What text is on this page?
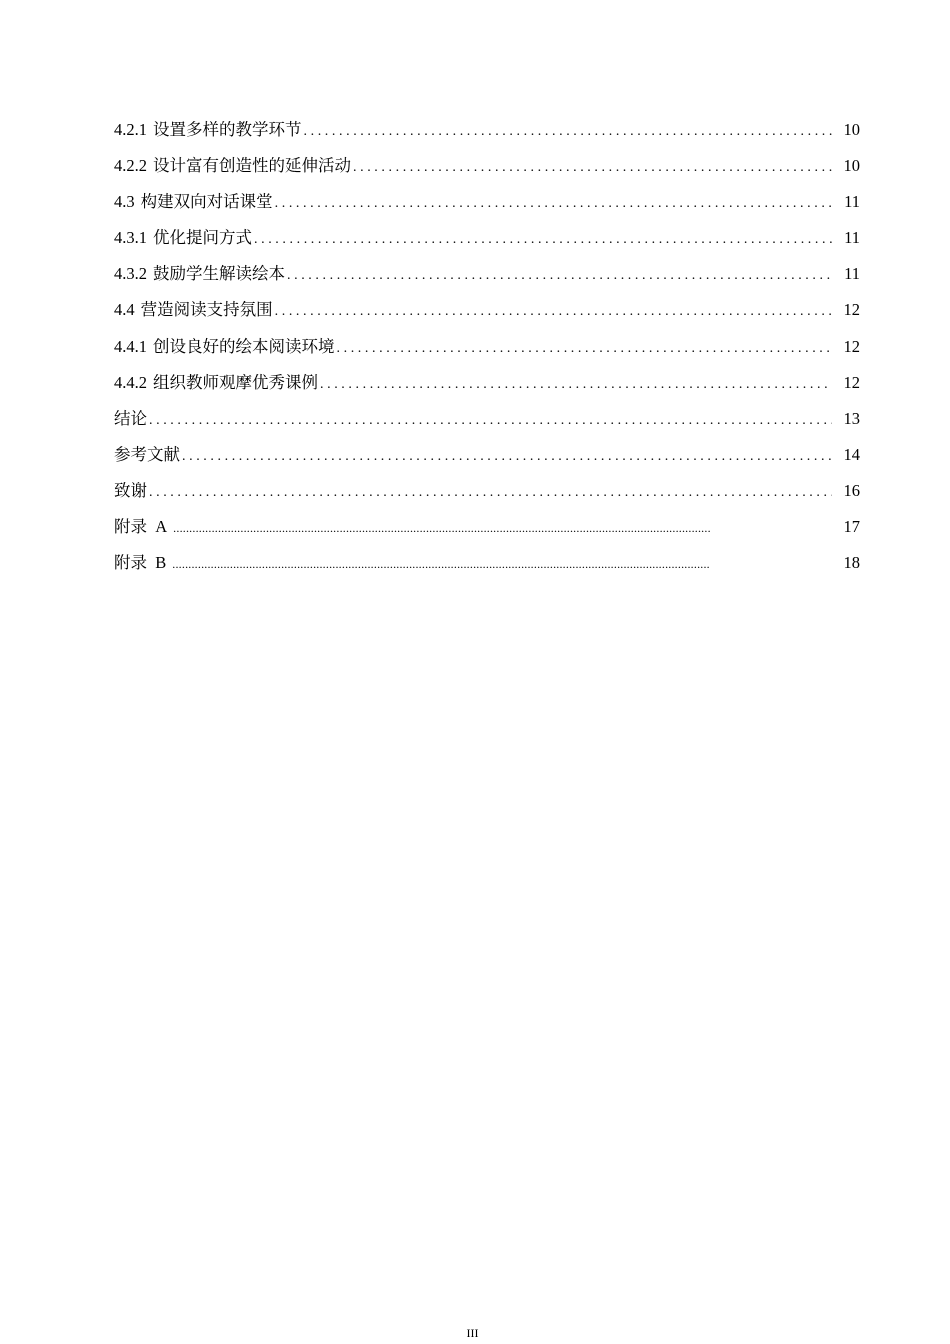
4.2.1 设置多样的教学环节 .....	10
4.2.2 设计富有创造性的延伸活动 .....	10
4.3 构建双向对话课堂 .....	11
4.3.1 优化提问方式 .....	11
4.3.2 鼓励学生解读绘本 .....	11
4.4 营造阅读支持氛围 .....	12
4.4.1 创设良好的绘本阅读环境 .....	12
4.4.2 组织教师观摩优秀课例 .....	12
结论 .....	13
参考文献 .....	14
致谢 .....	16
附录  A .....	17
附录  B .....	18
III
